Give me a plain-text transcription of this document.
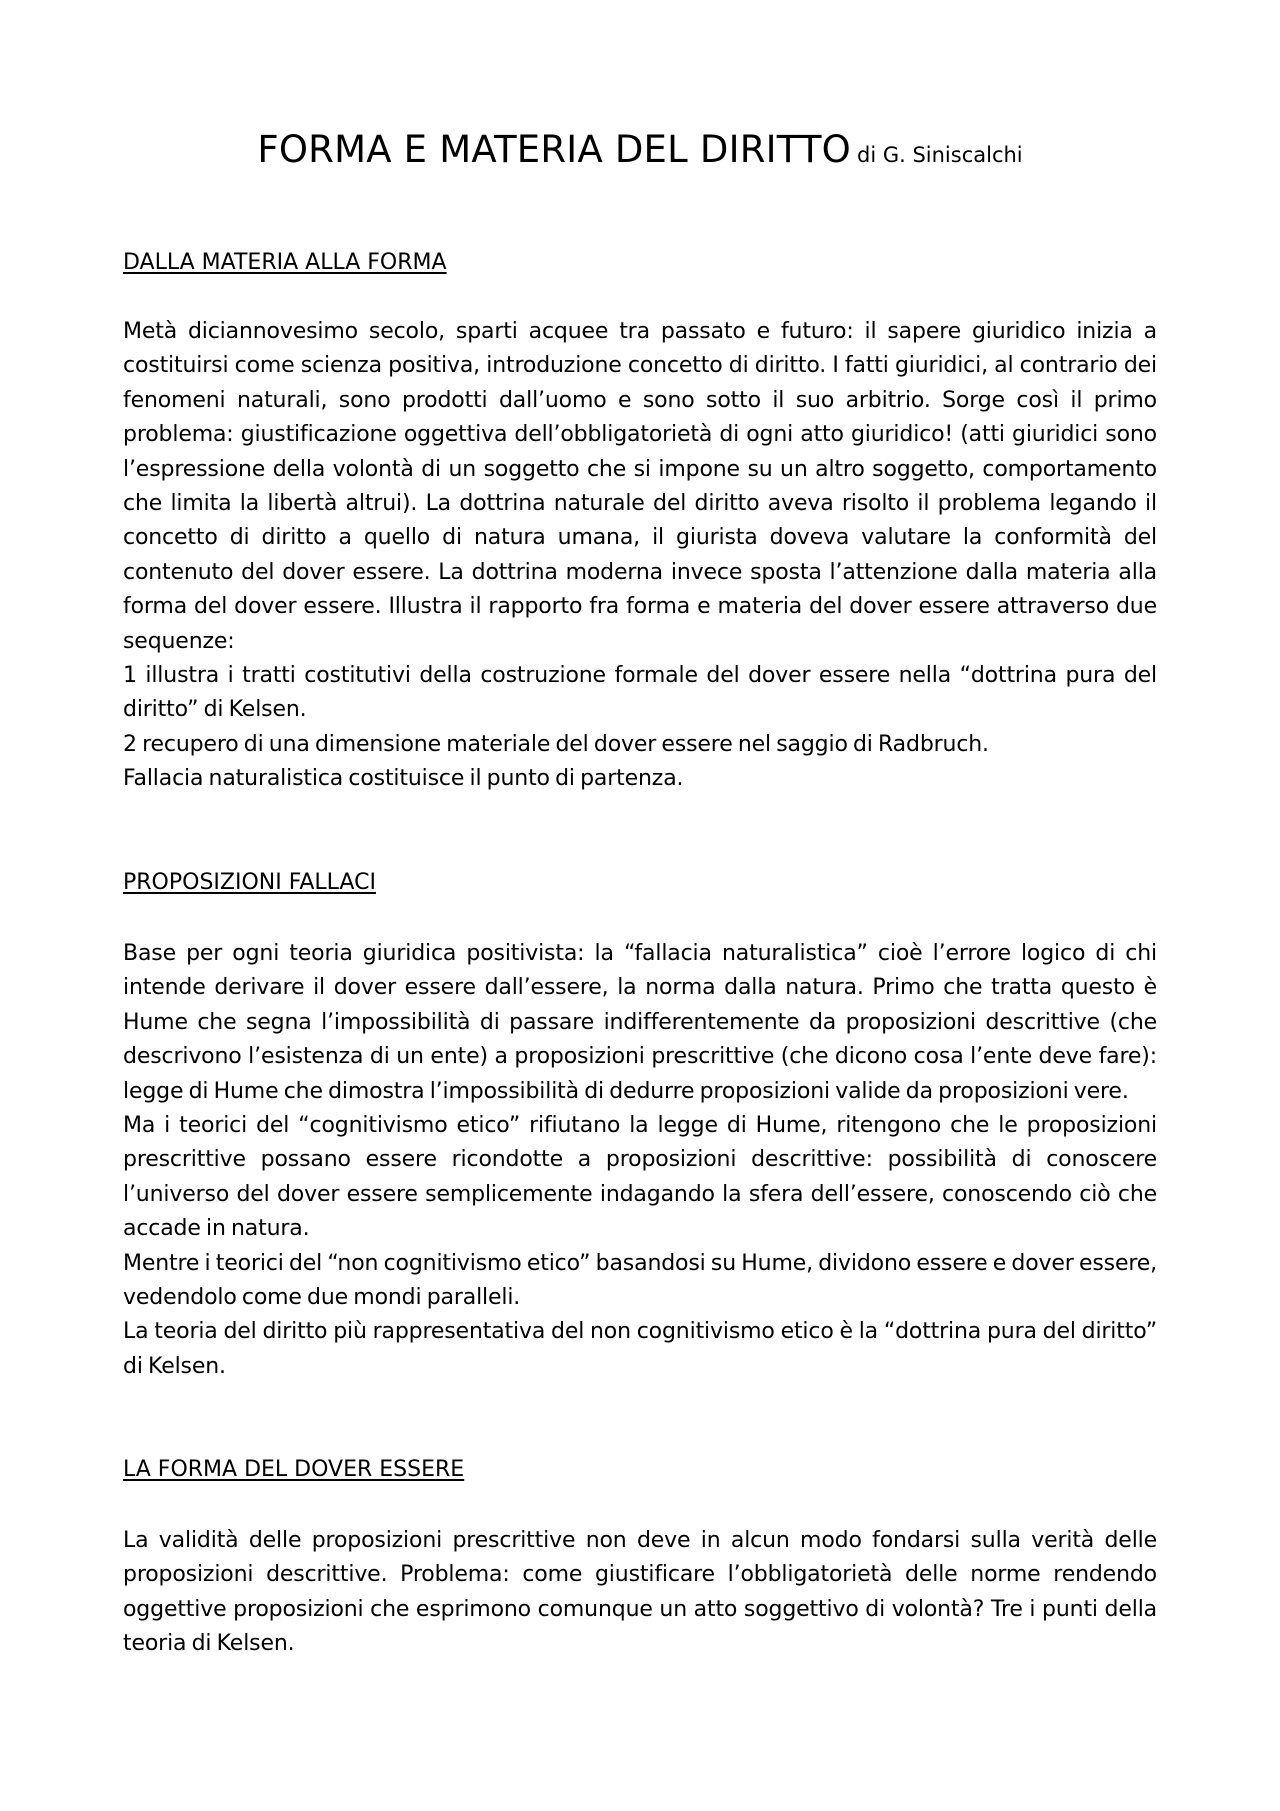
FORMA E MATERIA DEL DIRITTO di G. Siniscalchi
DALLA MATERIA ALLA FORMA

Metà diciannovesimo secolo, sparti acquee tra passato e futuro: il sapere giuridico inizia a costituirsi come scienza positiva, introduzione concetto di diritto. I fatti giuridici, al contrario dei fenomeni naturali, sono prodotti dall’uomo e sono sotto il suo arbitrio. Sorge così il primo problema: giustificazione oggettiva dell’obbligatorietà di ogni atto giuridico! (atti giuridici sono l’espressione della volontà di un soggetto che si impone su un altro soggetto, comportamento che limita la libertà altrui). La dottrina naturale del diritto aveva risolto il problema legando il concetto di diritto a quello di natura umana, il giurista doveva valutare la conformità del contenuto del dover essere. La dottrina moderna invece sposta l’attenzione dalla materia alla forma del dover essere. Illustra il rapporto fra forma e materia del dover essere attraverso due sequenze:

1 illustra i tratti costitutivi della costruzione formale del dover essere nella “dottrina pura del diritto” di Kelsen.

2 recupero di una dimensione materiale del dover essere nel saggio di Radbruch.

Fallacia naturalistica costituisce il punto di partenza.

PROPOSIZIONI FALLACI

Base per ogni teoria giuridica positivista: la “fallacia naturalistica” cioè l’errore logico di chi intende derivare il dover essere dall’essere, la norma dalla natura. Primo che tratta questo è Hume che segna l’impossibilità di passare indifferentemente da proposizioni descrittive (che descrivono l’esistenza di un ente) a proposizioni prescrittive (che dicono cosa l’ente deve fare): legge di Hume che dimostra l’impossibilità di dedurre proposizioni valide da proposizioni vere.

Ma i teorici del “cognitivismo etico” rifiutano la legge di Hume, ritengono che le proposizioni prescrittive possano essere ricondotte a proposizioni descrittive: possibilità di conoscere l’universo del dover essere semplicemente indagando la sfera dell’essere, conoscendo ciò che accade in natura.

Mentre i teorici del “non cognitivismo etico” basandosi su Hume, dividono essere e dover essere, vedendolo come due mondi paralleli.

La teoria del diritto più rappresentativa del non cognitivismo etico è la “dottrina pura del diritto” di Kelsen.

LA FORMA DEL DOVER ESSERE

La validità delle proposizioni prescrittive non deve in alcun modo fondarsi sulla verità delle proposizioni descrittive. Problema: come giustificare l’obbligatorietà delle norme rendendo oggettive proposizioni che esprimono comunque un atto soggettivo di volontà? Tre i punti della teoria di Kelsen.
